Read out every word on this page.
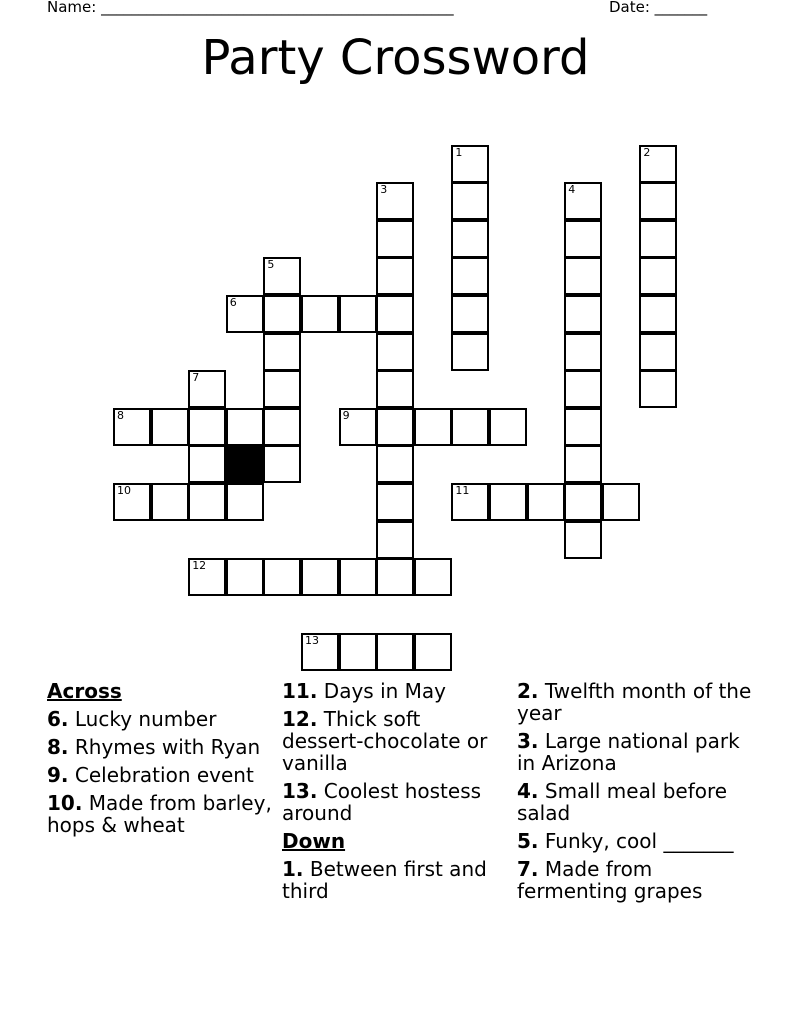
Name: _______________________________________________	Date: _______
Party Crossword
1	2
3	4
5
6
7
8	9
10	11
12
13

Across

6. Lucky number

8. Rhymes with Ryan

9. Celebration event

10. Made from barley, hops & wheat

11. Days in May

12. Thick soft dessert-chocolate or vanilla

13. Coolest hostess around

Down

1. Between first and third

2. Twelfth month of the year

3. Large national park in Arizona

4. Small meal before salad

5. Funky, cool _______

7. Made from fermenting grapes
